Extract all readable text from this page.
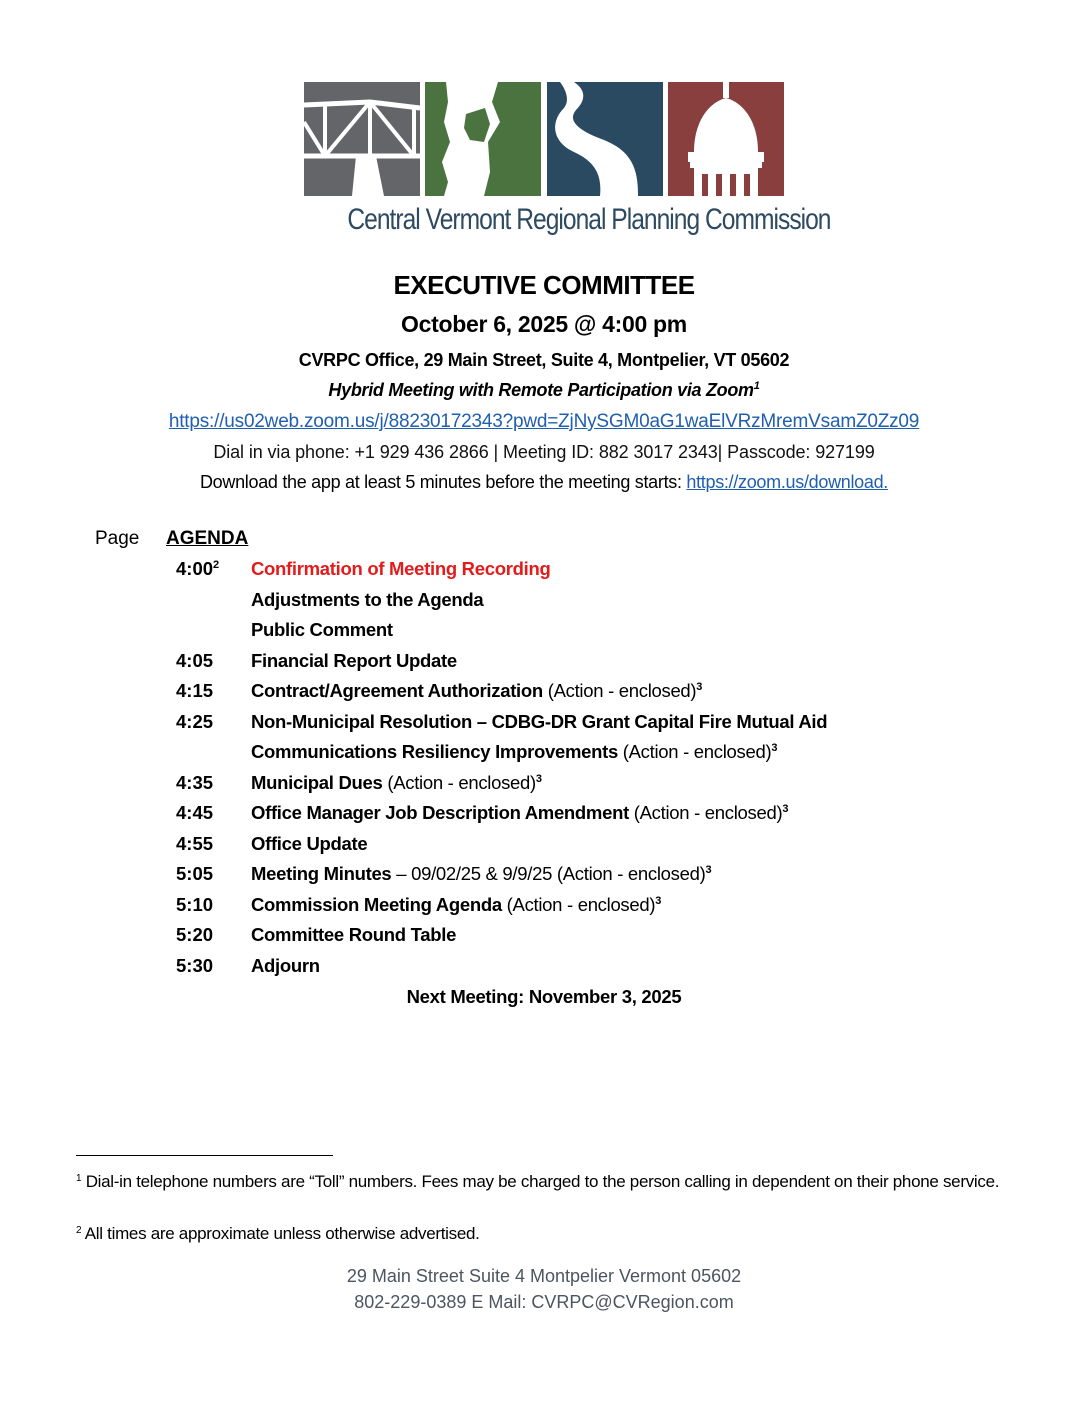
Central Vermont Regional Planning Commission
EXECUTIVE COMMITTEE
October 6, 2025 @ 4:00 pm
CVRPC Office, 29 Main Street, Suite 4, Montpelier, VT 05602
Hybrid Meeting with Remote Participation via Zoom$^1$
https://us02web.zoom.us/j/88230172343?pwd=ZjNySGM0aG1waElVRzMremVsamZ0Zz09
Dial in via phone: +1 929 436 2866 | Meeting ID: 882 3017 2343| Passcode: 927199
Download the app at least 5 minutes before the meeting starts: https://zoom.us/download.
Page AGENDA
$4:00^2$ Confirmation of Meeting Recording
Adjustments to the Agenda
Public Comment
4:05 Financial Report Update
4:15 Contract/Agreement Authorization (Action - enclosed)$^3$
4:25 Non-Municipal Resolution – CDBG-DR Grant Capital Fire Mutual Aid
Communications Resiliency Improvements (Action - enclosed)$^3$
4:35 Municipal Dues (Action - enclosed)$^3$
4:45 Office Manager Job Description Amendment (Action - enclosed)$^3$
4:55 Office Update
5:05 Meeting Minutes – 09/02/25 & 9/9/25 (Action - enclosed)$^3$
5:10 Commission Meeting Agenda (Action - enclosed)$^3$
5:20 Committee Round Table
5:30 Adjourn
Next Meeting: November 3, 2025
$^1$ Dial-in telephone numbers are “Toll” numbers. Fees may be charged to the person calling in dependent on their phone service.
$^2$ All times are approximate unless otherwise advertised.
29 Main Street Suite 4 Montpelier Vermont 05602
802-229-0389 E Mail: CVRPC@CVRegion.com
